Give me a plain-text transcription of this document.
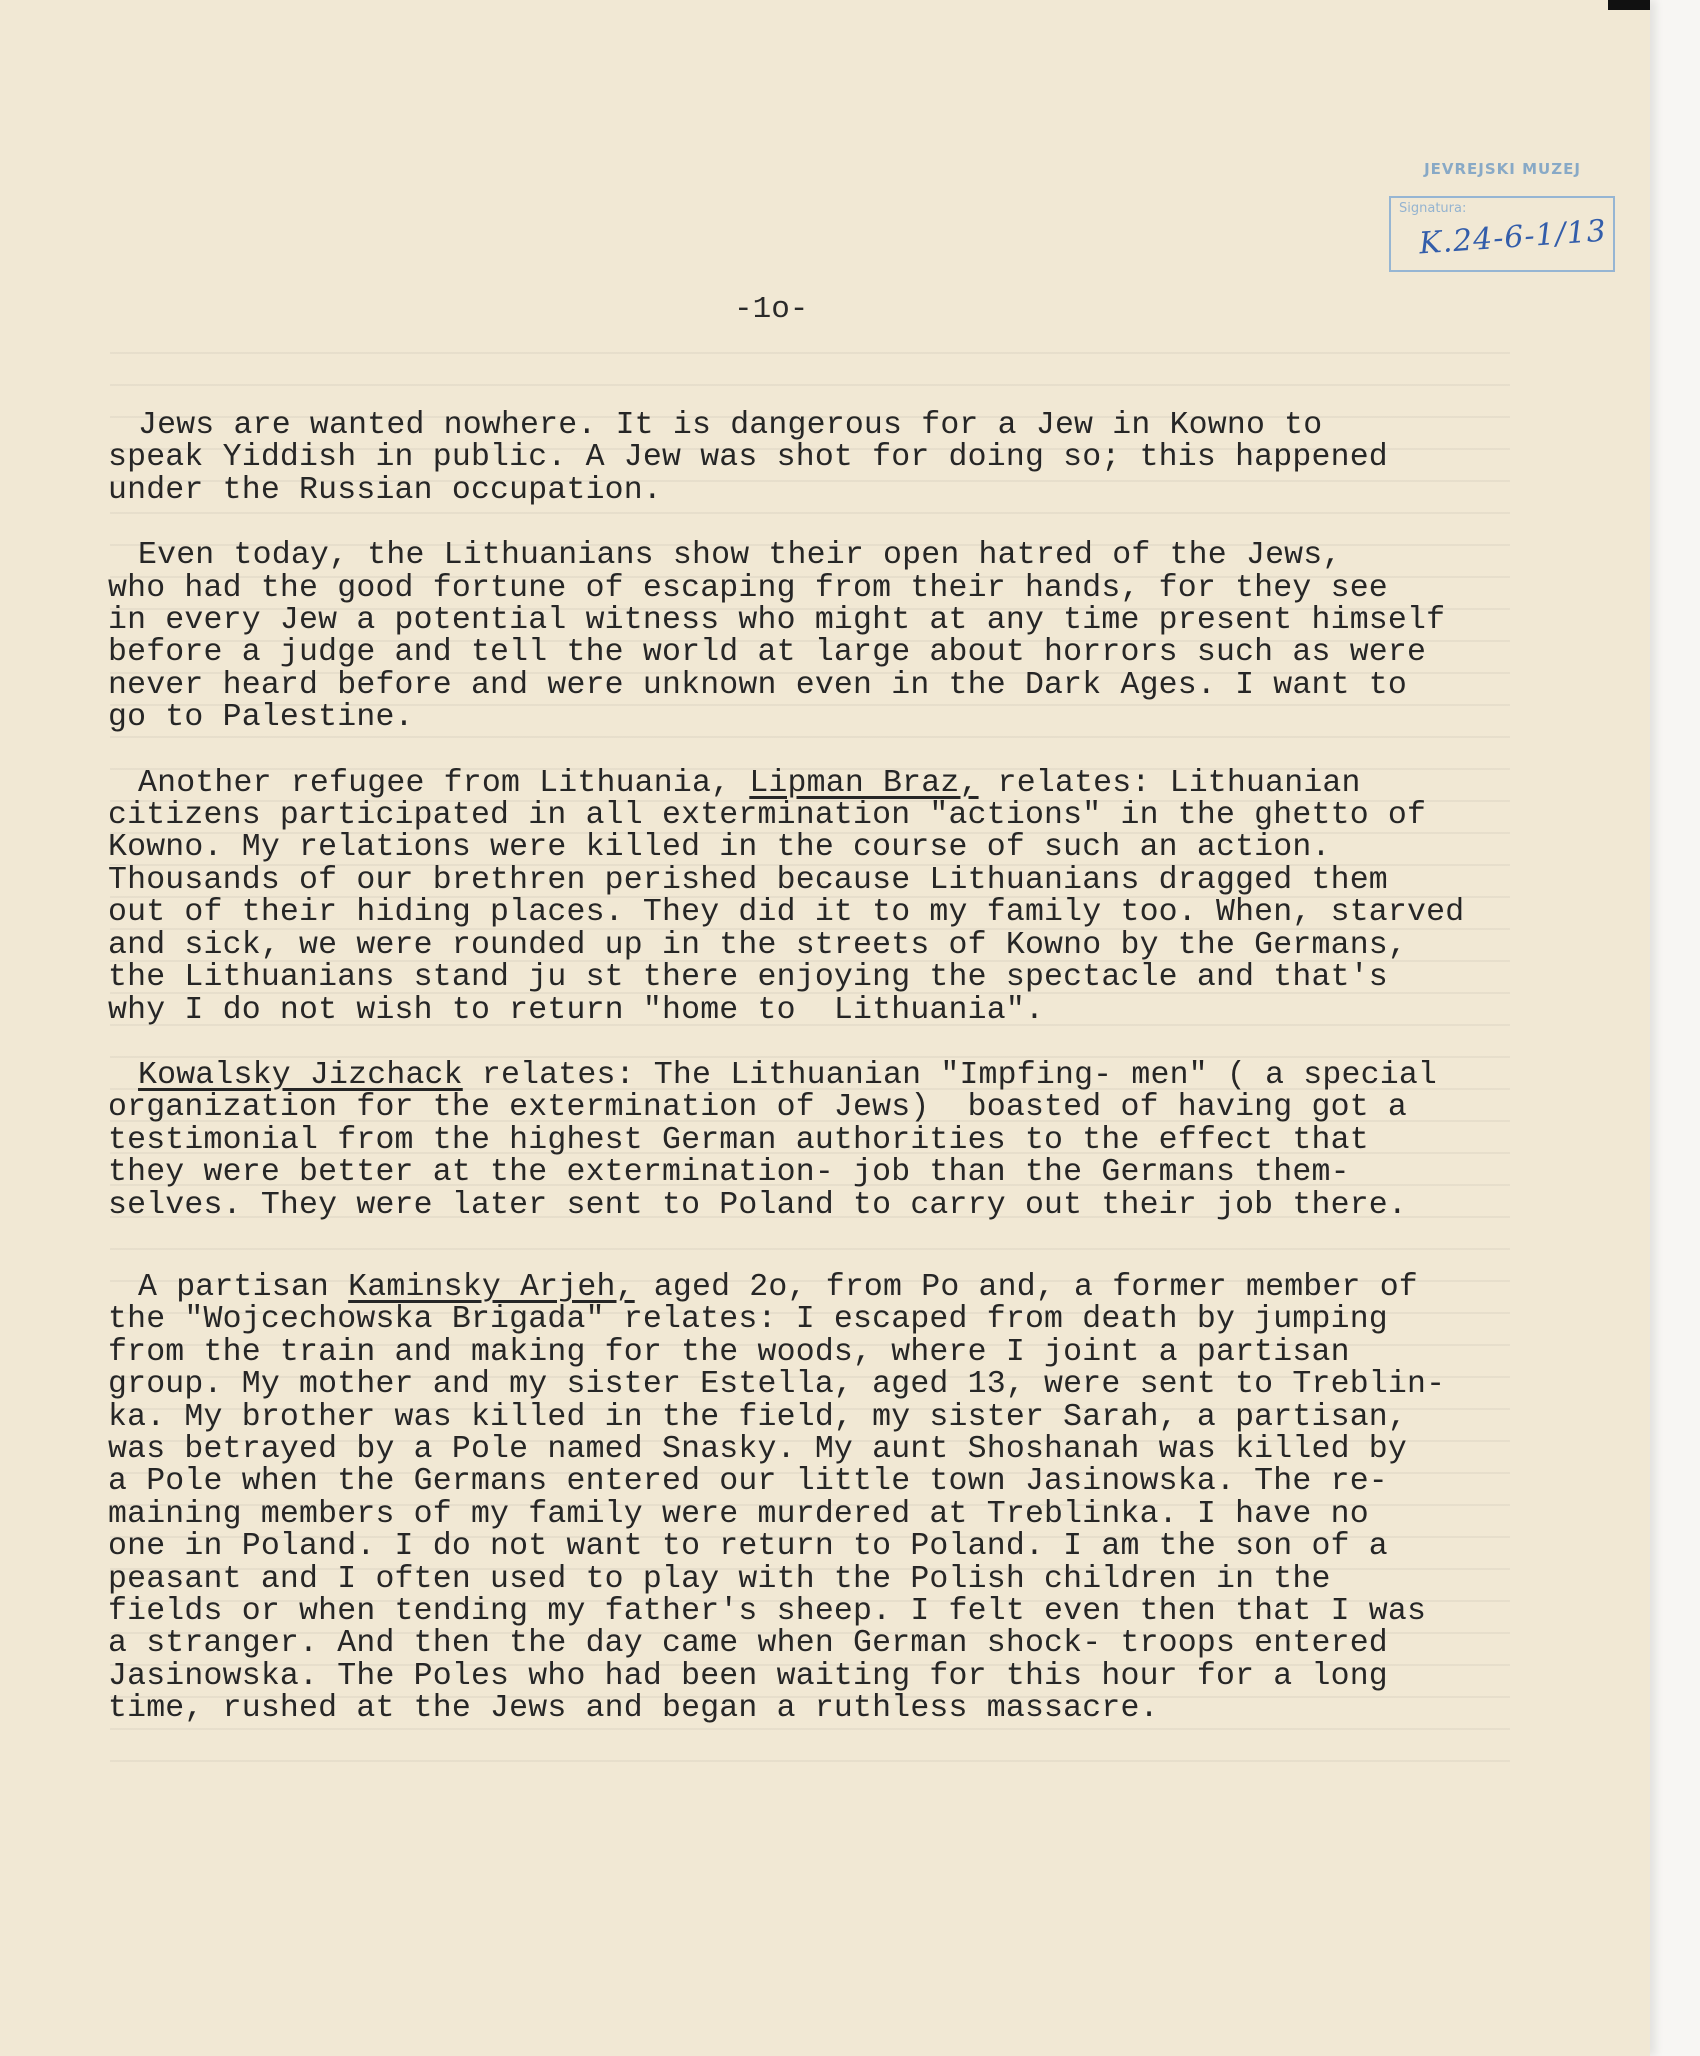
JEVREJSKI MUZEJ
Signatura:
K.24-6-1/13
-1o-

Jews are wanted nowhere. It is dangerous for a Jew in Kowno to
speak Yiddish in public. A Jew was shot for doing so; this happened
under the Russian occupation.

Even today, the Lithuanians show their open hatred of the Jews,
who had the good fortune of escaping from their hands, for they see
in every Jew a potential witness who might at any time present himself
before a judge and tell the world at large about horrors such as were
never heard before and were unknown even in the Dark Ages. I want to
go to Palestine.

Another refugee from Lithuania, Lipman Braz, relates: Lithuanian
citizens participated in all extermination "actions" in the ghetto of
Kowno. My relations were killed in the course of such an action.
Thousands of our brethren perished because Lithuanians dragged them
out of their hiding places. They did it to my family too. When, starved
and sick, we were rounded up in the streets of Kowno by the Germans,
the Lithuanians stand ju st there enjoying the spectacle and that's
why I do not wish to return "home to  Lithuania".

Kowalsky Jizchack relates: The Lithuanian "Impfing- men" ( a special
organization for the extermination of Jews)  boasted of having got a
testimonial from the highest German authorities to the effect that
they were better at the extermination- job than the Germans them-
selves. They were later sent to Poland to carry out their job there.

A partisan Kaminsky Arjeh, aged 2o, from Po and, a former member of
the "Wojcechowska Brigada" relates: I escaped from death by jumping
from the train and making for the woods, where I joint a partisan
group. My mother and my sister Estella, aged 13, were sent to Treblin-
ka. My brother was killed in the field, my sister Sarah, a partisan,
was betrayed by a Pole named Snasky. My aunt Shoshanah was killed by
a Pole when the Germans entered our little town Jasinowska. The re-
maining members of my family were murdered at Treblinka. I have no
one in Poland. I do not want to return to Poland. I am the son of a
peasant and I often used to play with the Polish children in the
fields or when tending my father's sheep. I felt even then that I was
a stranger. And then the day came when German shock- troops entered
Jasinowska. The Poles who had been waiting for this hour for a long
time, rushed at the Jews and began a ruthless massacre.
